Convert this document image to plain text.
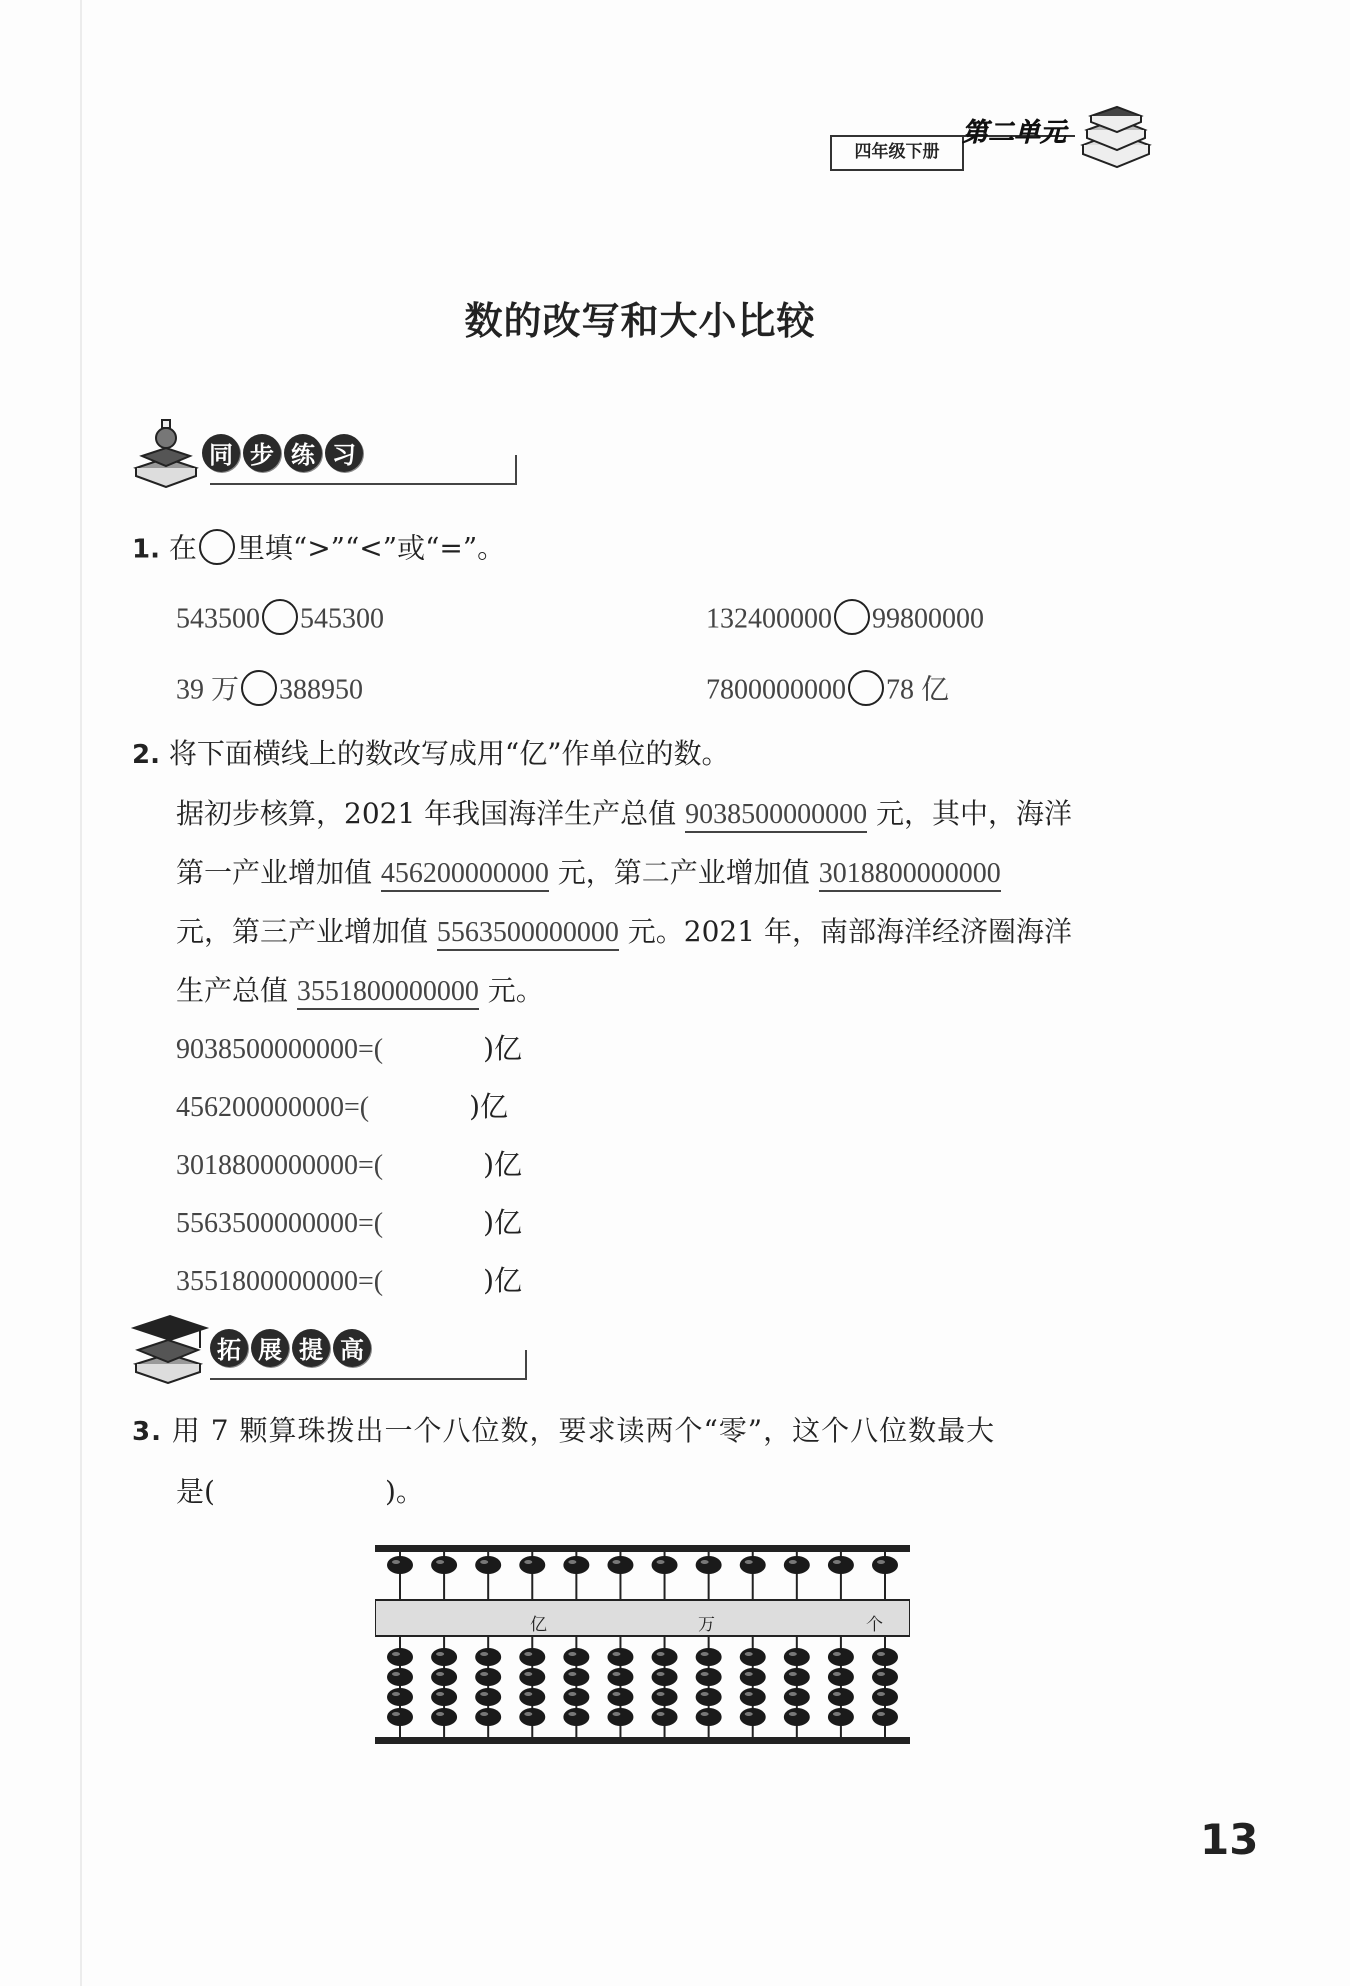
四年级下册
第二单元
数的改写和大小比较
同 步 练 习
1. 在 里填“>”“<”或“=”。
543500 545300	132400000 99800000
39 万 388950	7800000000 78 亿
2. 将下面横线上的数改写成用“亿”作单位的数。
据初步核算，2021 年我国海洋生产总值 9038500000000 元，其中，海洋
第一产业增加值 456200000000 元，第二产业增加值 3018800000000
元，第三产业增加值 5563500000000 元。2021 年，南部海洋经济圈海洋
生产总值 3551800000000 元。
9038500000000=(	)亿
456200000000=(	)亿
3018800000000=(	)亿
5563500000000=(	)亿
3551800000000=(	)亿
拓 展 提 高
3. 用 7 颗算珠拨出一个八位数，要求读两个“零”，这个八位数最大
是(	)。
亿	万	个
13
